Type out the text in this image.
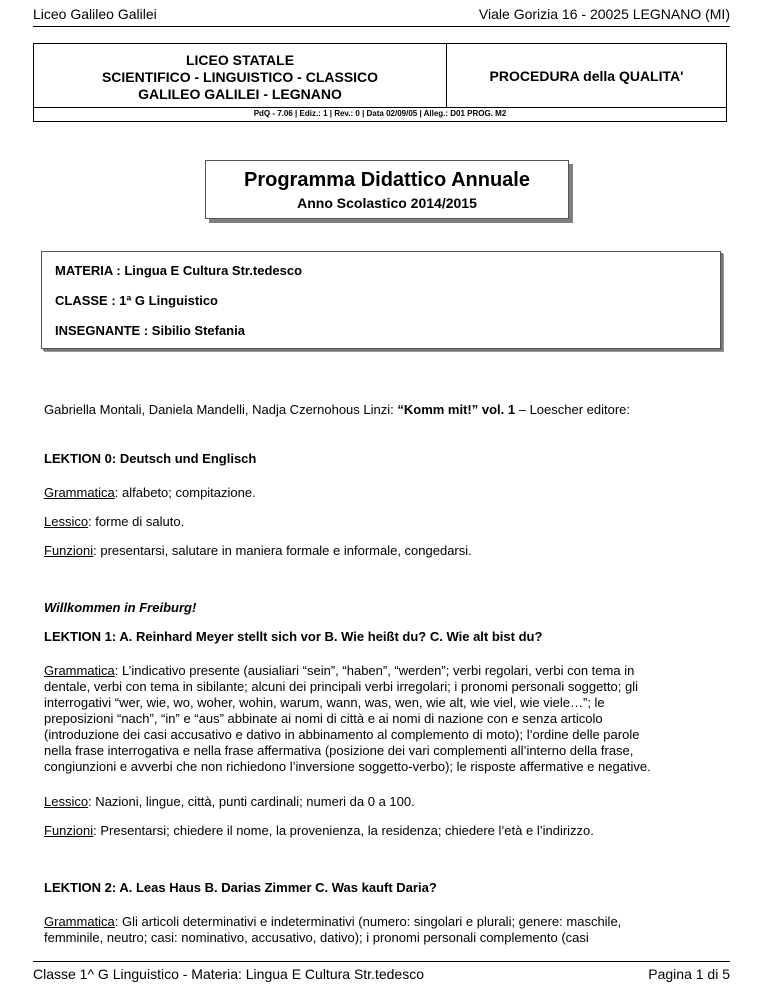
Liceo Galileo Galilei	Viale Gorizia 16 - 20025 LEGNANO (MI)
LICEO STATALE
SCIENTIFICO - LINGUISTICO - CLASSICO
GALILEO GALILEI - LEGNANO
PROCEDURA della QUALITA'
PdQ - 7.06 | Ediz.: 1 | Rev.: 0 | Data 02/09/05 | Alleg.: D01 PROG. M2
Programma Didattico Annuale
Anno Scolastico 2014/2015
MATERIA : Lingua E Cultura Str.tedesco
CLASSE : 1ª G Linguistico
INSEGNANTE : Sibilio Stefania
Gabriella Montali, Daniela Mandelli, Nadja Czernohous Linzi: “Komm mit!” vol. 1 – Loescher editore:
LEKTION 0: Deutsch und Englisch
Grammatica: alfabeto; compitazione.
Lessico: forme di saluto.
Funzioni: presentarsi, salutare in maniera formale e informale, congedarsi.
Willkommen in Freiburg!
LEKTION 1: A. Reinhard Meyer stellt sich vor B. Wie heißt du? C. Wie alt bist du?
Grammatica: L’indicativo presente (ausialiari “sein”, “haben”, “werden”; verbi regolari, verbi con tema in
dentale, verbi con tema in sibilante; alcuni dei principali verbi irregolari; i pronomi personali soggetto; gli
interrogativi “wer, wie, wo, woher, wohin, warum, wann, was, wen, wie alt, wie viel, wie viele…”; le
preposizioni “nach”, “in” e “aus” abbinate ai nomi di città e ai nomi di nazione con e senza articolo
(introduzione dei casi accusativo e dativo in abbinamento al complemento di moto); l’ordine delle parole
nella frase interrogativa e nella frase affermativa (posizione dei vari complementi all’interno della frase,
congiunzioni e avverbi che non richiedono l’inversione soggetto-verbo); le risposte affermative e negative.
Lessico: Nazioni, lingue, città, punti cardinali; numeri da 0 a 100.
Funzioni: Presentarsi; chiedere il nome, la provenienza, la residenza; chiedere l’età e l’indirizzo.
LEKTION 2: A. Leas Haus B. Darias Zimmer C. Was kauft Daria?
Grammatica: Gli articoli determinativi e indeterminativi (numero: singolari e plurali; genere: maschile,
femminile, neutro; casi: nominativo, accusativo, dativo); i pronomi personali complemento (casi
Classe 1^ G Linguistico - Materia: Lingua E Cultura Str.tedesco	Pagina 1 di 5
